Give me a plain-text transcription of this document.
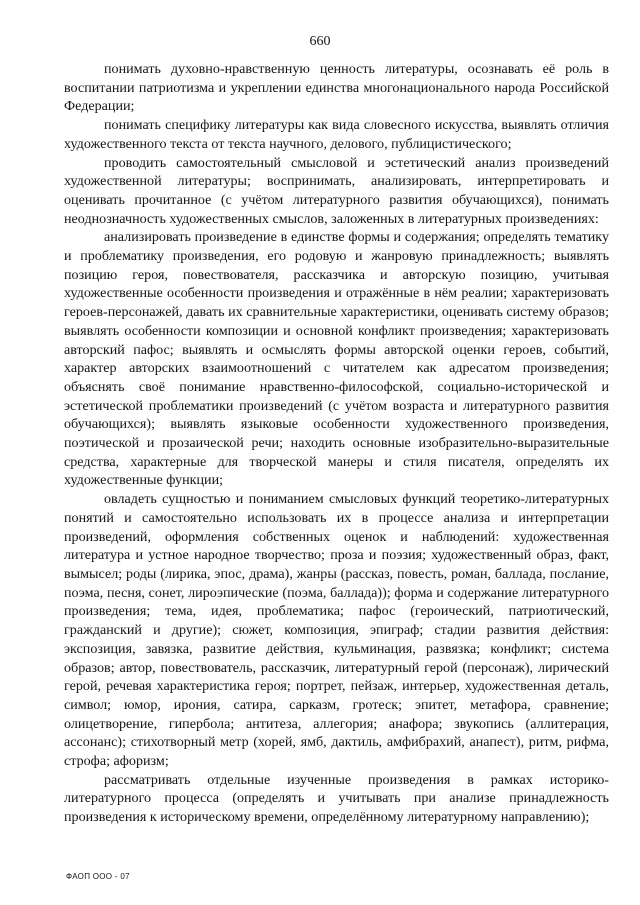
660

понимать духовно-нравственную ценность литературы, осознавать её роль в воспитании патриотизма и укреплении единства многонационального народа Российской Федерации;

понимать специфику литературы как вида словесного искусства, выявлять отличия художественного текста от текста научного, делового, публицистического;

проводить самостоятельный смысловой и эстетический анализ произведений художественной литературы; воспринимать, анализировать, интерпретировать и оценивать прочитанное (с учётом литературного развития обучающихся), понимать неоднозначность художественных смыслов, заложенных в литературных произведениях:

анализировать произведение в единстве формы и содержания; определять тематику и проблематику произведения, его родовую и жанровую принадлежность; выявлять позицию героя, повествователя, рассказчика и авторскую позицию, учитывая художественные особенности произведения и отражённые в нём реалии; характеризовать героев-персонажей, давать их сравнительные характеристики, оценивать систему образов; выявлять особенности композиции и основной конфликт произведения; характеризовать авторский пафос; выявлять и осмыслять формы авторской оценки героев, событий, характер авторских взаимоотношений с читателем как адресатом произведения; объяснять своё понимание нравственно-философской, социально-исторической и эстетической проблематики произведений (с учётом возраста и литературного развития обучающихся); выявлять языковые особенности художественного произведения, поэтической и прозаической речи; находить основные изобразительно-выразительные средства, характерные для творческой манеры и стиля писателя, определять их художественные функции;

овладеть сущностью и пониманием смысловых функций теоретико-литературных понятий и самостоятельно использовать их в процессе анализа и интерпретации произведений, оформления собственных оценок и наблюдений: художественная литература и устное народное творчество; проза и поэзия; художественный образ, факт, вымысел; роды (лирика, эпос, драма), жанры (рассказ, повесть, роман, баллада, послание, поэма, песня, сонет, лироэпические (поэма, баллада)); форма и содержание литературного произведения; тема, идея, проблематика; пафос (героический, патриотический, гражданский и другие); сюжет, композиция, эпиграф; стадии развития действия: экспозиция, завязка, развитие действия, кульминация, развязка; конфликт; система образов; автор, повествователь, рассказчик, литературный герой (персонаж), лирический герой, речевая характеристика героя; портрет, пейзаж, интерьер, художественная деталь, символ; юмор, ирония, сатира, сарказм, гротеск; эпитет, метафора, сравнение; олицетворение, гипербола; антитеза, аллегория; анафора; звукопись (аллитерация, ассонанс); стихотворный метр (хорей, ямб, дактиль, амфибрахий, анапест), ритм, рифма, строфа; афоризм;

рассматривать отдельные изученные произведения в рамках историко-литературного процесса (определять и учитывать при анализе принадлежность произведения к историческому времени, определённому литературному направлению);

ФАОП ООО - 07
